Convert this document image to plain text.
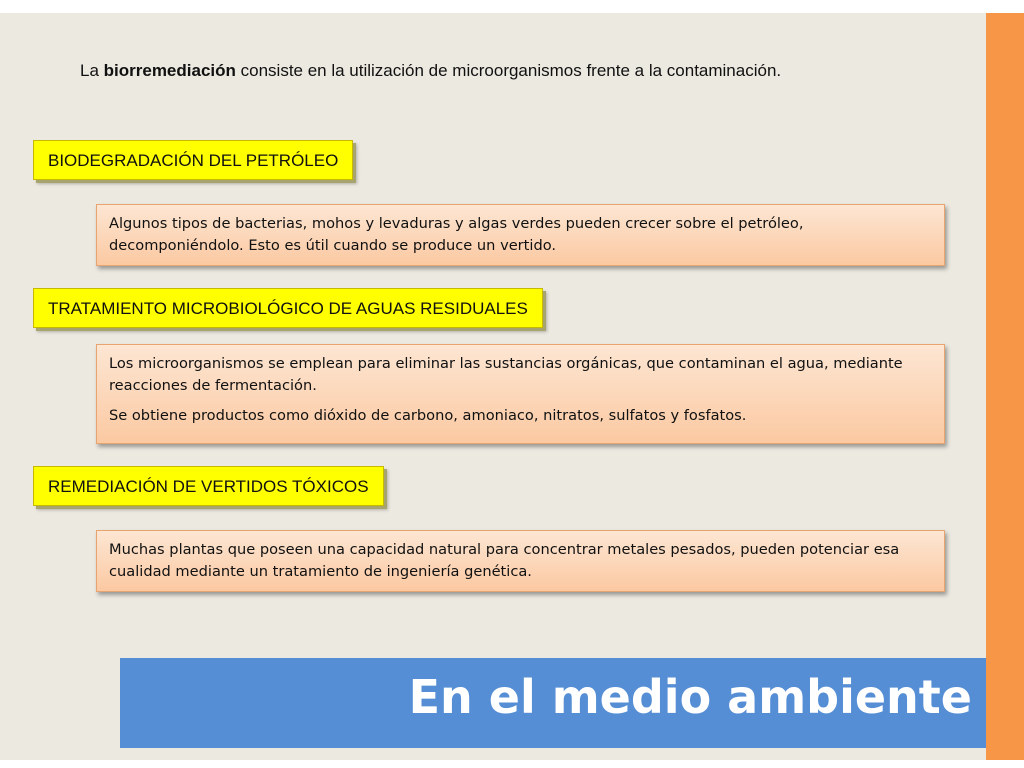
La biorremediación consiste en la utilización de microorganismos frente a la contaminación.
BIODEGRADACIÓN DEL PETRÓLEO

Algunos tipos de bacterias, mohos y levaduras y algas verdes pueden crecer sobre el petróleo, decomponiéndolo. Esto es útil cuando se produce un vertido.

TRATAMIENTO MICROBIOLÓGICO DE AGUAS RESIDUALES

Los microorganismos se emplean para eliminar las sustancias orgánicas, que contaminan el agua, mediante reacciones de fermentación.

Se obtiene productos como dióxido de carbono, amoniaco, nitratos, sulfatos y fosfatos.

REMEDIACIÓN DE VERTIDOS TÓXICOS

Muchas plantas que poseen una capacidad natural para concentrar metales pesados, pueden potenciar esa cualidad mediante un tratamiento de ingeniería genética.

En el medio ambiente
